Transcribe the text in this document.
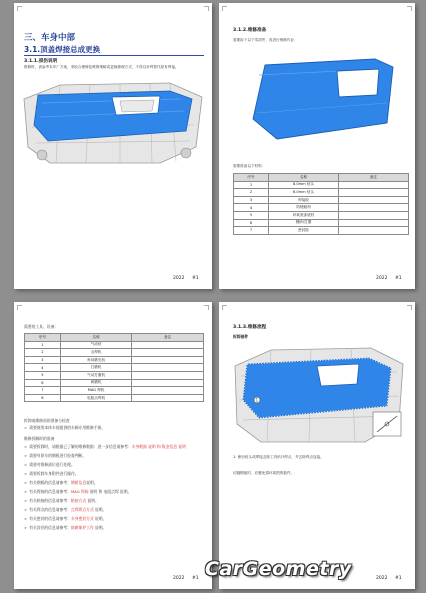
三、车身中部
3.1.顶盖焊接总成更换
3.1.1.损伤说明
维修时，请参考本车厂方案，采取合理修复维修策略或更换修理方式，不得以补焊替代原有焊接。
2022 #1
3.1.2.维修准备
需要拆下以下零部件，再进行维修作业：
需要准备以下材料：
序号	名称	备注
1	8.0mm 钻头	
2	6.0mm 钻头	
3	焊接胶	
4	防锈蜡剂	
5	环氧底漆底材	
6	钢砂/打磨	
7	密封胶	
2022 #1
需要的工具、设备：
序号	名称	备注
1	气动钻	
2	点焊机	
3	角向磨光机	
4	打磨机	
5	气动打磨机	
6	研磨机	
7	MAG 焊机	
8	电阻点焊机	
拆卸或维修前的准备与检查
➢ 需要使用本体车间提供的车辆专用维修手册。
维修拆解时的准备
2022 #1
➢ 需要拆卸时，请根据已了解的维修数据：进一步信息请参考：车身数据 说明 和 钣金信息 说明
➢ 需要对原车的钢板进行检查判断。
➢ 需要对维修部位进行处理。
➢ 需要拆卸车身附件进行操作。
➢ 有关钢板的信息请参考：钢板信息说明。
➢ 有关焊接的信息请参考：MAG 焊接 说明 和 电阻点焊 说明。
➢ 有关粘接的信息请参考：粘接方式 说明。
➢ 有关焊点的信息请参考：点焊焊点方式 说明。
➢ 有关密封的信息请参考：车身密封方式 说明。
➢ 有关涂层的信息请参考：防腐保护工作 说明。
3.1.3.维修流程
拆卸部件
1
1. 使用钻头或焊接去除工具钻开焊点，并去除焊点连接。
切割钢板时，应避免损坏周围的板件。
2022 #1
CarGeometry
